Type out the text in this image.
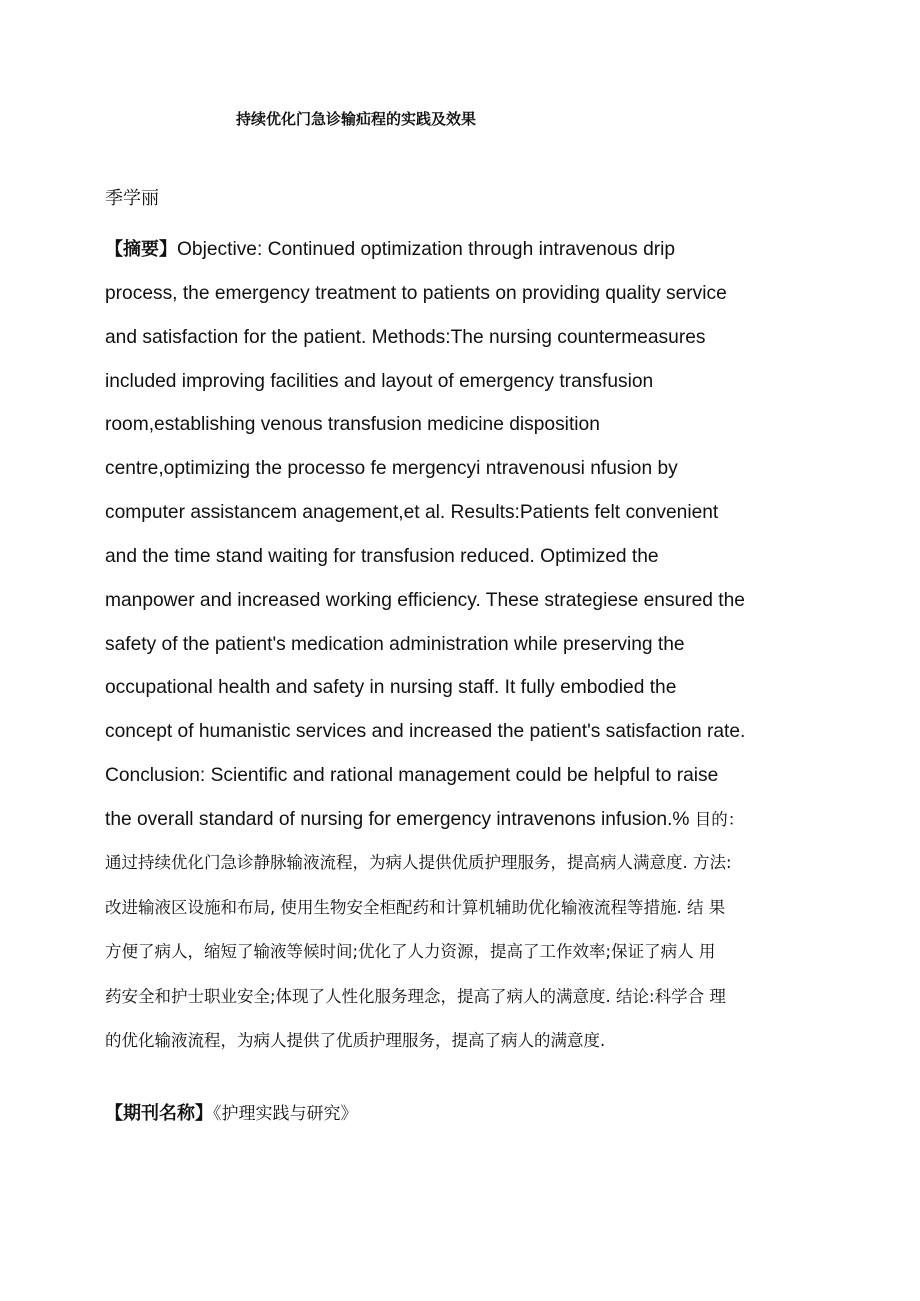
持续优化门急诊输疝程的实践及效果
季学丽
【摘要】Objective: Continued optimization through intravenous drip
process, the emergency treatment to patients on providing quality service
and satisfaction for the patient. Methods:The nursing countermeasures
included improving facilities and layout of emergency transfusion
room,establishing venous transfusion medicine disposition
centre,optimizing the processo fe mergencyi ntravenousi nfusion by
computer assistancem anagement,et al. Results:Patients felt convenient
and the time stand waiting for transfusion reduced. Optimized the
manpower and increased working efficiency. These strategiese ensured the
safety of the patient's medication administration while preserving the
occupational health and safety in nursing staff. It fully embodied the
concept of humanistic services and increased the patient's satisfaction rate.
Conclusion: Scientific and rational management could be helpful to raise
the overall standard of nursing for emergency intravenons infusion.% 目的：
通过持续优化门急诊静脉输液流程，为病人提供优质护理服务，提高病人满意度. 方法:
改进输液区设施和布局, 使用生物安全柜配药和计算机辅助优化输液流程等措施. 结 果
方便了病人，缩短了输液等候时间;优化了人力资源，提高了工作效率;保证了病人 用
药安全和护士职业安全;体现了人性化服务理念，提高了病人的满意度. 结论:科学合 理
的优化输液流程，为病人提供了优质护理服务，提高了病人的满意度.
【期刊名称】《护理实践与研究》
